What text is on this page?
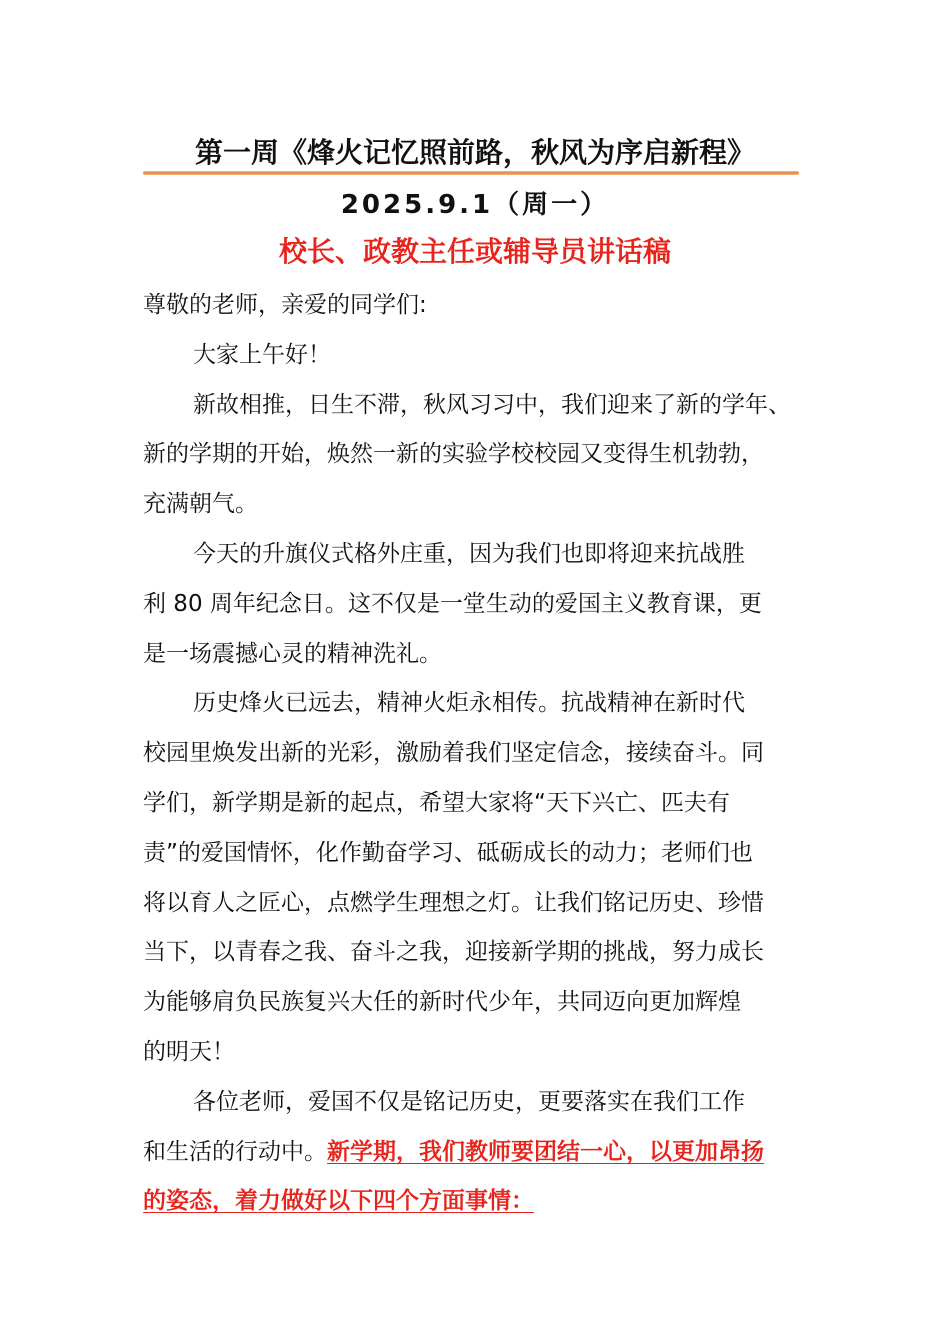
第一周《烽火记忆照前路，秋风为序启新程》
2025.9.1（周一）
校长、政教主任或辅导员讲话稿

尊敬的老师，亲爱的同学们:

大家上午好！

新故相推，日生不滞，秋风习习中，我们迎来了新的学年、
新的学期的开始，焕然一新的实验学校校园又变得生机勃勃，
充满朝气。

今天的升旗仪式格外庄重，因为我们也即将迎来抗战胜
利 80 周年纪念日。这不仅是一堂生动的爱国主义教育课，更
是一场震撼心灵的精神洗礼。

历史烽火已远去，精神火炬永相传。抗战精神在新时代
校园里焕发出新的光彩，激励着我们坚定信念，接续奋斗。同
学们，新学期是新的起点，希望大家将“天下兴亡、匹夫有
责”的爱国情怀，化作勤奋学习、砥砺成长的动力；老师们也
将以育人之匠心，点燃学生理想之灯。让我们铭记历史、珍惜
当下，以青春之我、奋斗之我，迎接新学期的挑战，努力成长
为能够肩负民族复兴大任的新时代少年，共同迈向更加辉煌
的明天！

各位老师，爱国不仅是铭记历史，更要落实在我们工作
和生活的行动中。新学期，我们教师要团结一心，以更加昂扬
的姿态，着力做好以下四个方面事情：
